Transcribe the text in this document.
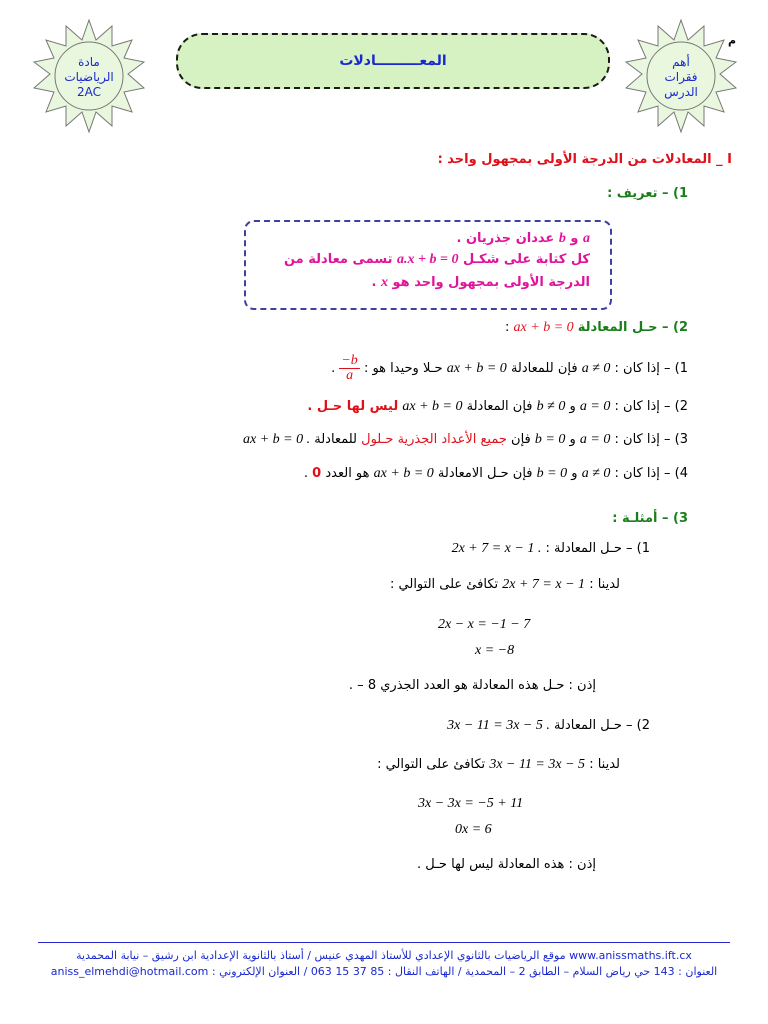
مادة
الرياضيات
2AC
المعـــــــــادلات	أهم
فقرات
الدرس
م
I _ المعادلات من الدرجة الأولى بمجهول واحد :
1) – تعريف :
a و b عددان جذريان .
كل كتابة على شكـل a.x + b = 0 تسمى معادلة من
الدرجة الأولى بمجهول واحد هو x .
2) – حـل المعادلة ax + b = 0 :
1) – إذا كان : a ≠ 0 فإن للمعادلة ax + b = 0 حـلا وحيدا هو :
$\frac{-b}{a}$
.
2) – إذا كان : a = 0 و b ≠ 0 فإن المعادلة ax + b = 0 ليس لها حـل .
3) – إذا كان : a = 0 و b = 0 فإن جميع الأعداد الجذرية حـلول للمعادلة ax + b = 0 .
4) – إذا كان : a ≠ 0 و b = 0 فإن حـل الامعادلة ax + b = 0 هو العدد 0 .
3) – أمثلـة :
1) – حـل المعادلة : 2x + 7 = x − 1 .
لدينا : 2x + 7 = x − 1 تكافئ على التوالي :
2x − x = −1 − 7
x = −8
إذن : حـل هذه المعادلة هو العدد الجذري 8 – .
2) – حـل المعادلة 3x − 11 = 3x − 5 .
لدينا : 3x − 11 = 3x − 5 تكافئ على التوالي :
3x − 3x = −5 + 11
0x = 6
إذن : هذه المعادلة ليس لها حـل .
www.anissmaths.ift.cx موقع الرياضيات بالثانوي الإعدادي للأستاذ المهدي عنيس / أستاذ بالثانوية الإعدادية ابن رشيق – نيابة المحمدية
العنوان : 143 حي رياض السلام – الطابق 2 – المحمدية / الهاتف النقال : 85 37 15 063 / العنوان الإلكتروني : aniss_elmehdi@hotmail.com
